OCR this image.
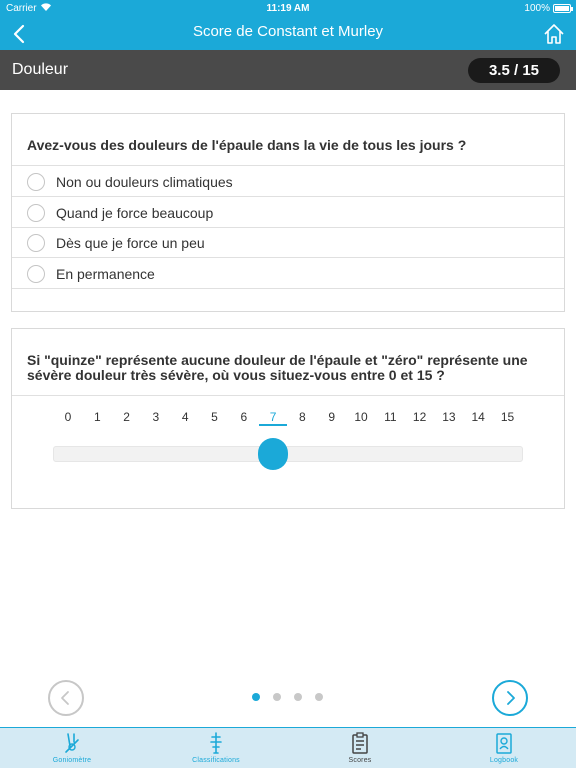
Carrier	11:19 AM	100%
Score de Constant et Murley
Douleur	3.5 / 15
Avez-vous des douleurs de l'épaule dans la vie de tous les jours ?
Non ou douleurs climatiques
Quand je force beaucoup
Dès que je force un peu
En permanence
Si "quinze" représente aucune douleur de l'épaule et "zéro" représente une sévère douleur très sévère, où vous situez-vous entre 0 et 15 ?
0	1	2	3	4	5	6	7	8	9	10	11	12	13	14	15
Goniomètre	Classifications	Scores	Logbook
